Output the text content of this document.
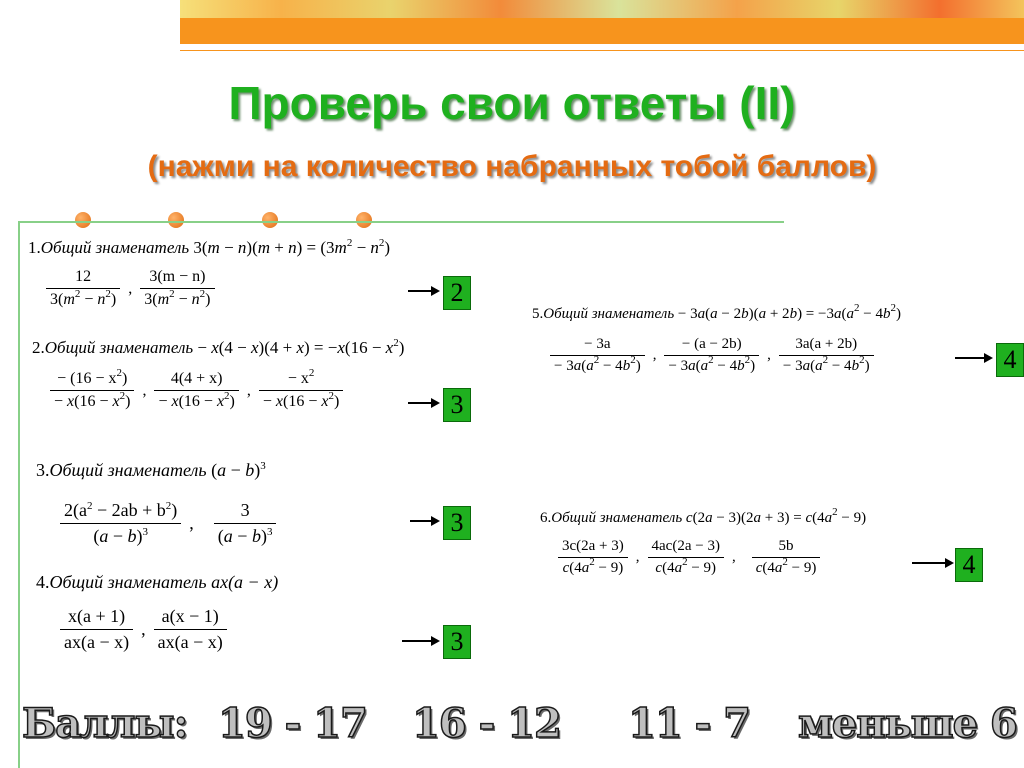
Проверь свои ответы (II)
(нажми на количество набранных тобой баллов)
1.Общий знаменатель $3(m - n)(m + n) = (3m^2 - n^2)$
$\frac{12}{3(m^2 - n^2)}$ , $\frac{3(m - n)}{3(m^2 - n^2)}$	2
2.Общий знаменатель − $x(4 - x)(4 + x) = -x(16 - x^2)$
$\frac{- (16 - x^2)}{- x(16 - x^2)}$ , $\frac{4(4 + x)}{- x(16 - x^2)}$ , $\frac{- x^2}{- x(16 - x^2)}$	3
3.Общий знаменатель $(a - b)^3$
$\frac{2(a^2 - 2ab + b^2)}{(a - b)^3}$ , $\frac{3}{(a - b)^3}$	3
4.Общий знаменатель ax(a − x)
$\frac{x(a + 1)}{ax(a - x)}$ , $\frac{a(x - 1)}{ax(a - x)}$	3
5.Общий знаменатель − $3a(a - 2b)(a + 2b) = -3a(a^2 - 4b^2)$
$\frac{- 3a}{- 3a(a^2 - 4b^2)}$ , $\frac{- (a - 2b)}{- 3a(a^2 - 4b^2)}$ , $\frac{3a(a + 2b)}{- 3a(a^2 - 4b^2)}$	4
6.Общий знаменатель $c(2a - 3)(2a + 3) = c(4a^2 - 9)$
$\frac{3c(2a + 3)}{c(4a^2 - 9)}$ , $\frac{4ac(2a - 3)}{c(4a^2 - 9)}$ , $\frac{5b}{c(4a^2 - 9)}$	4
Баллы: 19 - 17 16 - 12 11 - 7 меньше 6
